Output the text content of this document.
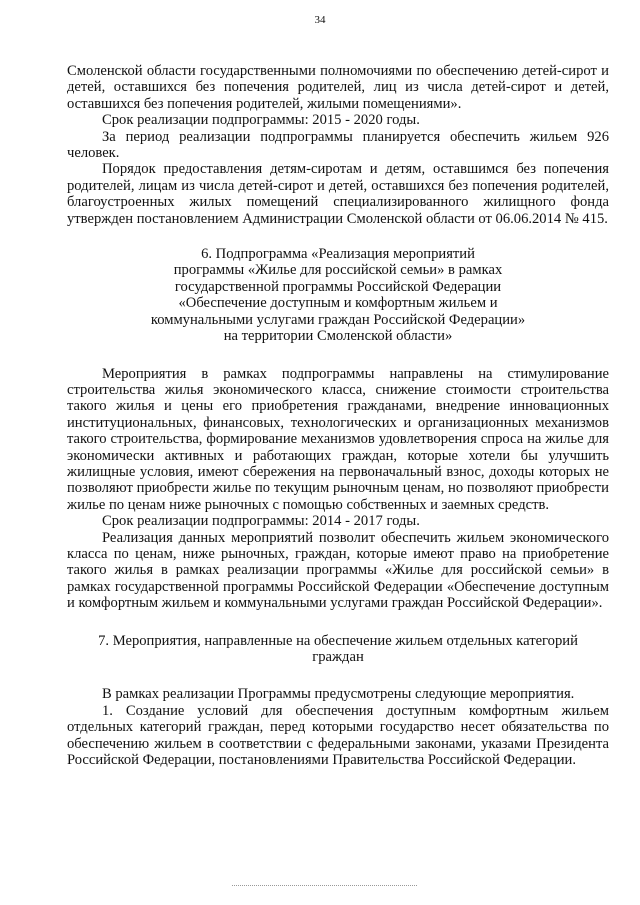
34

Смоленской области государственными полномочиями по обеспечению детей-сирот и детей, оставшихся без попечения родителей, лиц из числа детей-сирот и детей, оставшихся без попечения родителей, жилыми помещениями».

Срок реализации подпрограммы: 2015 - 2020 годы.

За период реализации подпрограммы планируется обеспечить жильем 926 человек.

Порядок предоставления детям-сиротам и детям, оставшимся без попечения родителей, лицам из числа детей-сирот и детей, оставшихся без попечения родителей, благоустроенных жилых помещений специализированного жилищного фонда утвержден постановлением Администрации Смоленской области от 06.06.2014 № 415.

6. Подпрограмма «Реализация мероприятий

программы «Жилье для российской семьи» в рамках

государственной программы Российской Федерации

«Обеспечение доступным и комфортным жильем и

коммунальными услугами граждан Российской Федерации»

на территории Смоленской области»

Мероприятия в рамках подпрограммы направлены на стимулирование строительства жилья экономического класса, снижение стоимости строительства такого жилья и цены его приобретения гражданами, внедрение инновационных институциональных, финансовых, технологических и организационных механизмов такого строительства, формирование механизмов удовлетворения спроса на жилье для экономически активных и работающих граждан, которые хотели бы улучшить жилищные условия, имеют сбережения на первоначальный взнос, доходы которых не позволяют приобрести жилье по текущим рыночным ценам, но позволяют приобрести жилье по ценам ниже рыночных с помощью собственных и заемных средств.

Срок реализации подпрограммы: 2014 - 2017 годы.

Реализация данных мероприятий позволит обеспечить жильем экономического класса по ценам, ниже рыночных, граждан, которые имеют право на приобретение такого жилья в рамках реализации программы «Жилье для российской семьи» в рамках государственной программы Российской Федерации «Обеспечение доступным и комфортным жильем и коммунальными услугами граждан Российской Федерации».

7. Мероприятия, направленные на обеспечение жильем отдельных категорий

граждан

В рамках реализации Программы предусмотрены следующие мероприятия.

1. Создание условий для обеспечения доступным комфортным жильем отдельных категорий граждан, перед которыми государство несет обязательства по обеспечению жильем в соответствии с федеральными законами, указами Президента Российской Федерации, постановлениями Правительства Российской Федерации.
